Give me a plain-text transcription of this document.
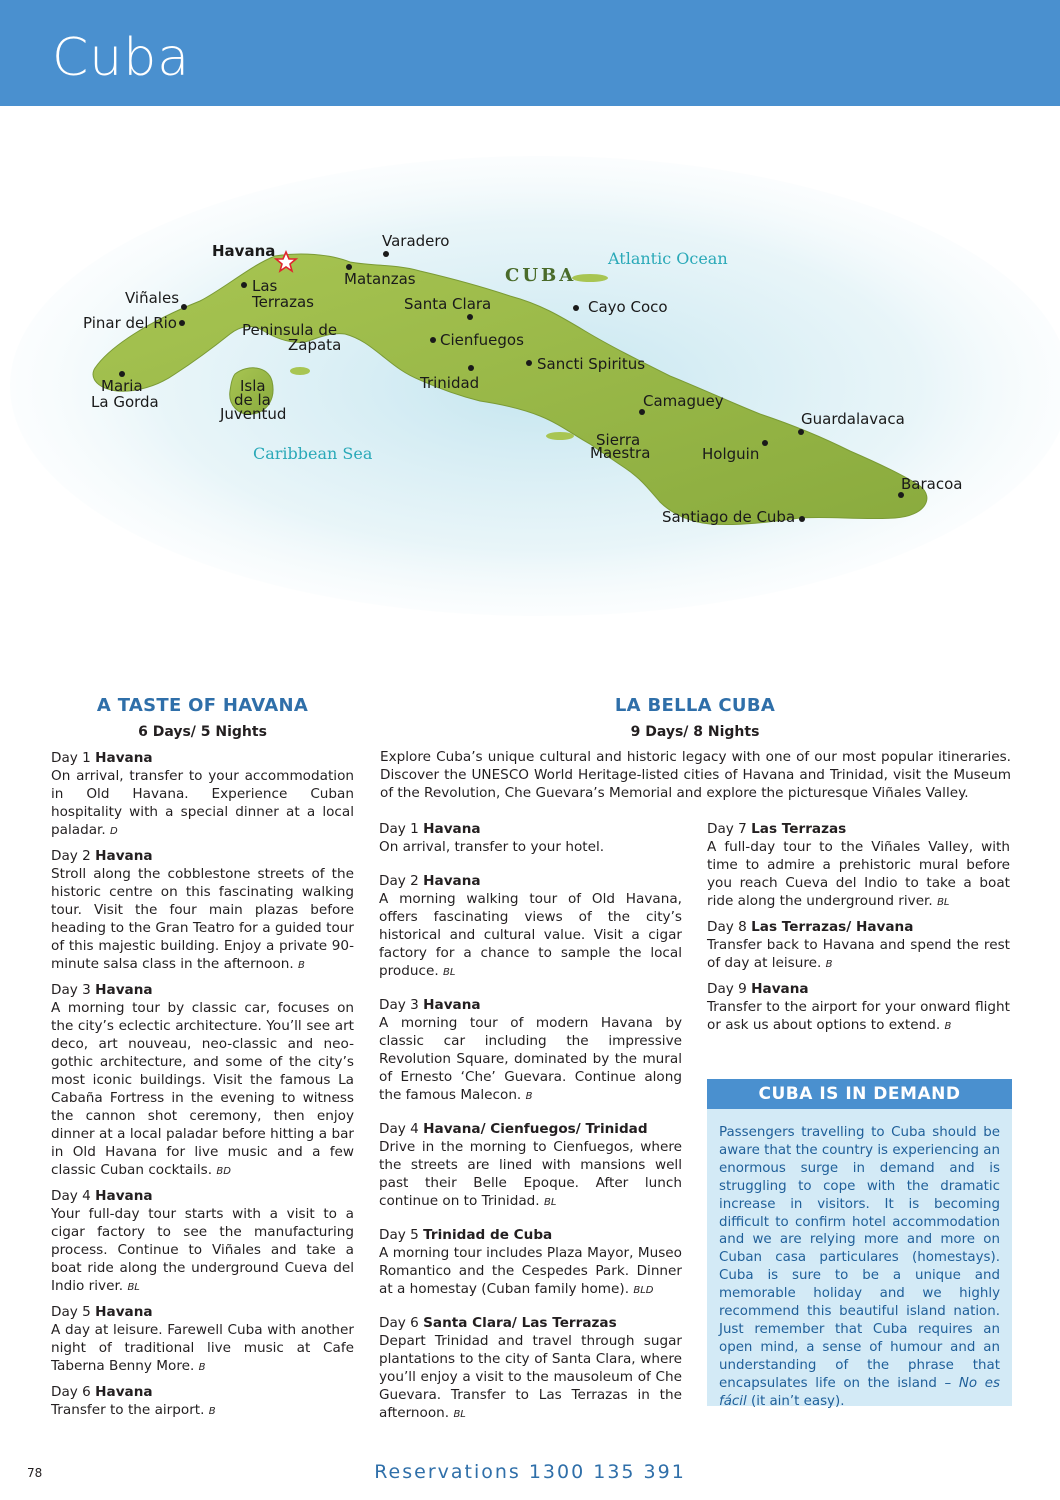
Cuba
Havana
Varadero
Matanzas
Las
Terrazas
Viñales
Pinar del Rio	Peninsula de
Zapata
Maria
La Gorda
Isla
de la
Juventud
CUBA
Atlantic Ocean
Caribbean Sea
Santa Clara
Cienfuegos
Trinidad
Sancti Spiritus
Cayo Coco
Camaguey
Sierra
Maestra	Holguin
Guardalavaca
Baracoa
Santiago de Cuba
A TASTE OF HAVANA
6 Days/ 5 Nights
Day 1 Havana

On arrival, transfer to your accommodation in Old Havana. Experience Cuban hospitality with a special dinner at a local paladar. D

Day 2 Havana

Stroll along the cobblestone streets of the historic centre on this fascinating walking tour. Visit the four main plazas before heading to the Gran Teatro for a guided tour of this majestic building. Enjoy a private 90-minute salsa class in the afternoon. B

Day 3 Havana

A morning tour by classic car, focuses on the city’s eclectic architecture. You’ll see art deco, art nouveau, neo-classic and neo-gothic architecture, and some of the city’s most iconic buildings. Visit the famous La Cabaña Fortress in the evening to witness the cannon shot ceremony, then enjoy dinner at a local paladar before hitting a bar in Old Havana for live music and a few classic Cuban cocktails. BD

Day 4 Havana

Your full-day tour starts with a visit to a cigar factory to see the manufacturing process. Continue to Viñales and take a boat ride along the underground Cueva del Indio river. BL

Day 5 Havana

A day at leisure. Farewell Cuba with another night of traditional live music at Cafe Taberna Benny More. B

Day 6 Havana

Transfer to the airport. B

LA BELLA CUBA
9 Days/ 8 Nights

Explore Cuba’s unique cultural and historic legacy with one of our most popular itineraries. Discover the UNESCO World Heritage-listed cities of Havana and Trinidad, visit the Museum of the Revolution, Che Guevara’s Memorial and explore the picturesque Viñales Valley.

Day 1 Havana

On arrival, transfer to your hotel.

Day 2 Havana

A morning walking tour of Old Havana, offers fascinating views of the city’s historical and cultural value. Visit a cigar factory for a chance to sample the local produce. BL

Day 3 Havana

A morning tour of modern Havana by classic car including the impressive Revolution Square, dominated by the mural of Ernesto ‘Che’ Guevara. Continue along the famous Malecon. B

Day 4 Havana/ Cienfuegos/ Trinidad

Drive in the morning to Cienfuegos, where the streets are lined with mansions well past their Belle Epoque. After lunch continue on to Trinidad. BL

Day 5 Trinidad de Cuba

A morning tour includes Plaza Mayor, Museo Romantico and the Cespedes Park. Dinner at a homestay (Cuban family home). BLD

Day 6 Santa Clara/ Las Terrazas

Depart Trinidad and travel through sugar plantations to the city of Santa Clara, where you’ll enjoy a visit to the mausoleum of Che Guevara. Transfer to Las Terrazas in the afternoon. BL

Day 7 Las Terrazas

A full-day tour to the Viñales Valley, with time to admire a prehistoric mural before you reach Cueva del Indio to take a boat ride along the underground river. BL

Day 8 Las Terrazas/ Havana

Transfer back to Havana and spend the rest of day at leisure. B

Day 9 Havana

Transfer to the airport for your onward flight or ask us about options to extend. B

CUBA IS IN DEMAND

Passengers travelling to Cuba should be aware that the country is experiencing an enormous surge in demand and is struggling to cope with the dramatic increase in visitors. It is becoming difficult to confirm hotel accommodation and we are relying more and more on Cuban casa particulares (homestays). Cuba is sure to be a unique and memorable holiday and we highly recommend this beautiful island nation. Just remember that Cuba requires an open mind, a sense of humour and an understanding of the phrase that encapsulates life on the island – No es fácil (it ain’t easy).

78	Reservations 1300 135 391
